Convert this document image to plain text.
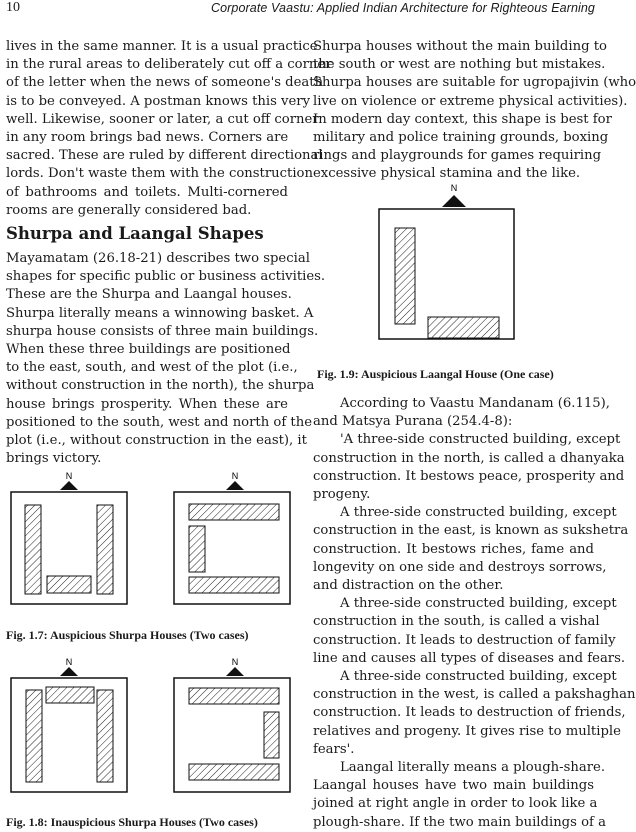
10	Corporate Vaastu: Applied Indian Architecture for Righteous Earning
lives in the same manner. It is a usual practice
in the rural areas to deliberately cut off a corner
of the letter when the news of someone's death
is to be conveyed. A postman knows this very
well. Likewise, sooner or later, a cut off corner
in any room brings bad news. Corners are
sacred. These are ruled by different directional
lords. Don't waste them with the construction
of bathrooms and toilets. Multi-cornered
rooms are generally considered bad.
Shurpa and Laangal Shapes
Mayamatam (26.18-21) describes two special
shapes for specific public or business activities.
These are the Shurpa and Laangal houses.
Shurpa literally means a winnowing basket. A
shurpa house consists of three main buildings.
When these three buildings are positioned
to the east, south, and west of the plot (i.e.,
without construction in the north), the shurpa
house brings prosperity. When these are
positioned to the south, west and north of the
plot (i.e., without construction in the east), it
brings victory.
N	N
Fig. 1.7: Auspicious Shurpa Houses (Two cases)
N	N
Fig. 1.8: Inauspicious Shurpa Houses (Two cases)
Shurpa houses without the main building to
the south or west are nothing but mistakes.
Shurpa houses are suitable for ugropajivin (who
live on violence or extreme physical activities).
In modern day context, this shape is best for
military and police training grounds, boxing
rings and playgrounds for games requiring
excessive physical stamina and the like.
N
Fig. 1.9: Auspicious Laangal House (One case)
According to Vaastu Mandanam (6.115),
and Matsya Purana (254.4-8):
'A three-side constructed building, except
construction in the north, is called a dhanyaka
construction. It bestows peace, prosperity and
progeny.
A three-side constructed building, except
construction in the east, is known as sukshetra
construction. It bestows riches, fame and
longevity on one side and destroys sorrows,
and distraction on the other.
A three-side constructed building, except
construction in the south, is called a vishal
construction. It leads to destruction of family
line and causes all types of diseases and fears.
A three-side constructed building, except
construction in the west, is called a pakshaghan
construction. It leads to destruction of friends,
relatives and progeny. It gives rise to multiple
fears'.
Laangal literally means a plough-share.
Laangal houses have two main buildings
joined at right angle in order to look like a
plough-share. If the two main buildings of a
